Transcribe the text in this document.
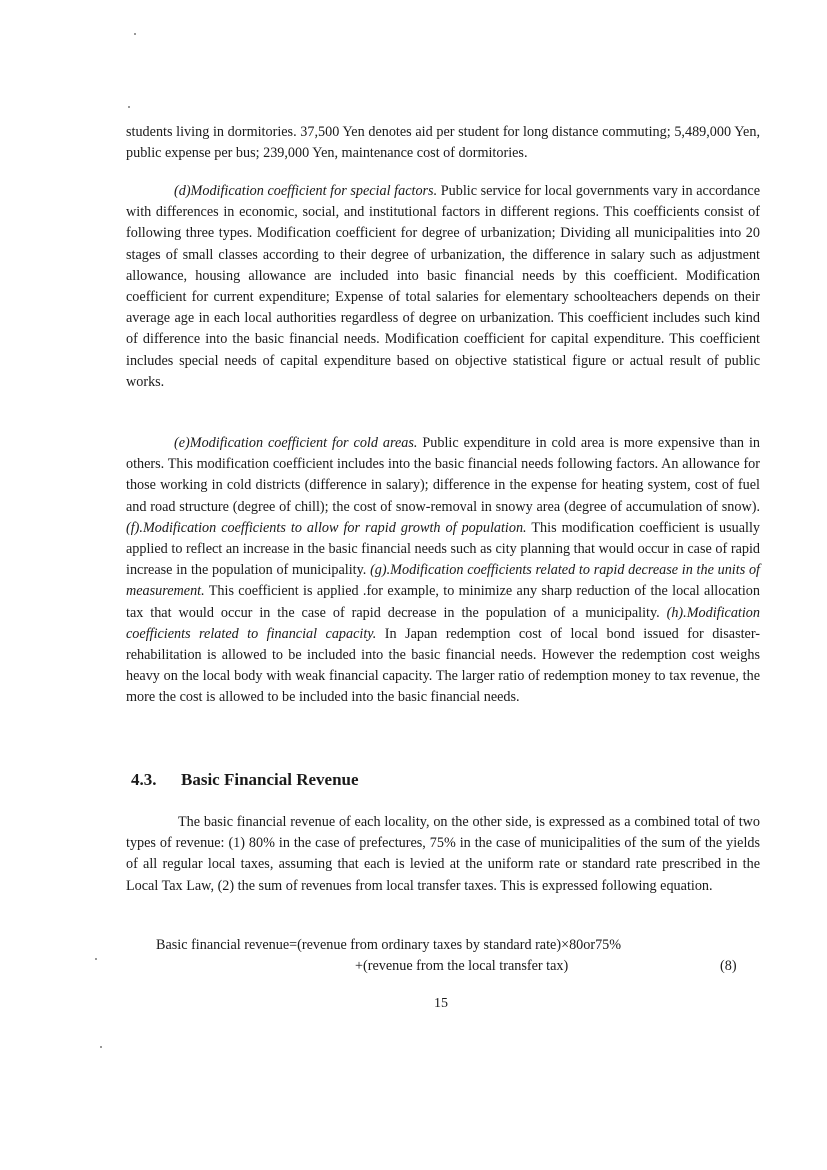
students living in dormitories. 37,500 Yen denotes aid per student for long distance commuting; 5,489,000 Yen, public expense per bus; 239,000 Yen, maintenance cost of dormitories.

(d)Modification coefficient for special factors. Public service for local governments vary in accordance with differences in economic, social, and institutional factors in different regions. This coefficients consist of following three types. Modification coefficient for degree of urbanization; Dividing all municipalities into 20 stages of small classes according to their degree of urbanization, the difference in salary such as adjustment allowance, housing allowance are included into basic financial needs by this coefficient. Modification coefficient for current expenditure; Expense of total salaries for elementary schoolteachers depends on their average age in each local authorities regardless of degree on urbanization. This coefficient includes such kind of difference into the basic financial needs. Modification coefficient for capital expenditure. This coefficient includes special needs of capital expenditure based on objective statistical figure or actual result of public works.

(e)Modification coefficient for cold areas. Public expenditure in cold area is more expensive than in others. This modification coefficient includes into the basic financial needs following factors. An allowance for those working in cold districts (difference in salary); difference in the expense for heating system, cost of fuel and road structure (degree of chill); the cost of snow-removal in snowy area (degree of accumulation of snow). (f).Modification coefficients to allow for rapid growth of population. This modification coefficient is usually applied to reflect an increase in the basic financial needs such as city planning that would occur in case of rapid increase in the population of municipality. (g).Modification coefficients related to rapid decrease in the units of measurement. This coefficient is applied .for example, to minimize any sharp reduction of the local allocation tax that would occur in the case of rapid decrease in the population of a municipality. (h).Modification coefficients related to financial capacity. In Japan redemption cost of local bond issued for disaster-rehabilitation is allowed to be included into the basic financial needs. However the redemption cost weighs heavy on the local body with weak financial capacity. The larger ratio of redemption money to tax revenue, the more the cost is allowed to be included into the basic financial needs.

4.3. Basic Financial Revenue

The basic financial revenue of each locality, on the other side, is expressed as a combined total of two types of revenue: (1) 80% in the case of prefectures, 75% in the case of municipalities of the sum of the yields of all regular local taxes, assuming that each is levied at the uniform rate or standard rate prescribed in the Local Tax Law, (2) the sum of revenues from local transfer taxes. This is expressed following equation.

Basic financial revenue=(revenue from ordinary taxes by standard rate)×80or75%
+(revenue from the local transfer tax)	(8)
15
